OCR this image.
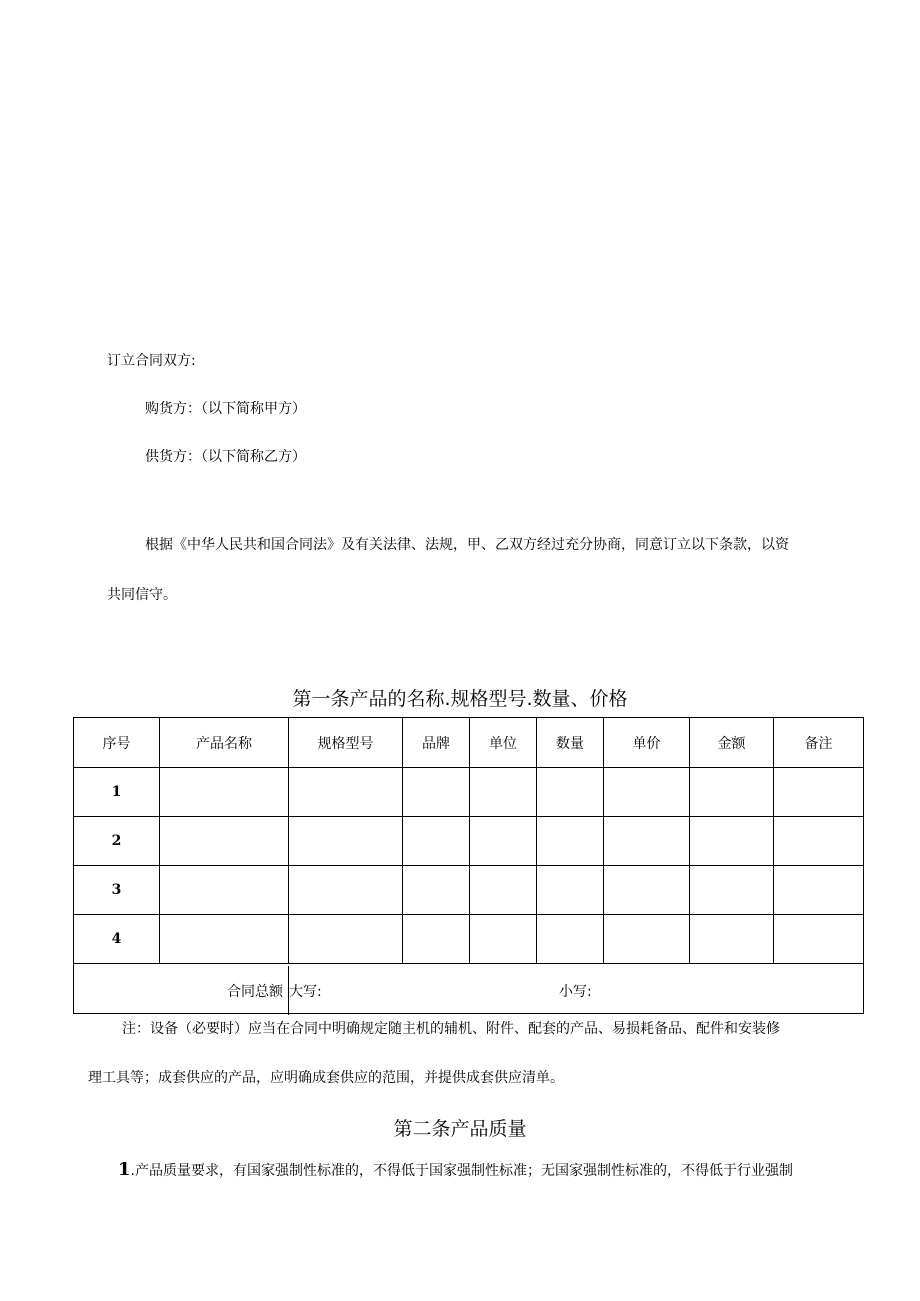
订立合同双方:
购货方：（以下简称甲方）
供货方：（以下简称乙方）
根据《中华人民共和国合同法》及有关法律、法规，甲、乙双方经过充分协商，同意订立以下条款，以资
共同信守。
第一条产品的名称.规格型号.数量、价格
序号	产品名称	规格型号	品牌	单位	数量	单价	金额	备注
1								
2								
3								
4								

合同总额 大写: 小写:								
注：设备（必要时）应当在合同中明确规定随主机的辅机、附件、配套的产品、易损耗备品、配件和安装修
理工具等；成套供应的产品，应明确成套供应的范围，并提供成套供应清单。
第二条产品质量
1.产品质量要求，有国家强制性标准的，不得低于国家强制性标准；无国家强制性标准的，不得低于行业强制
